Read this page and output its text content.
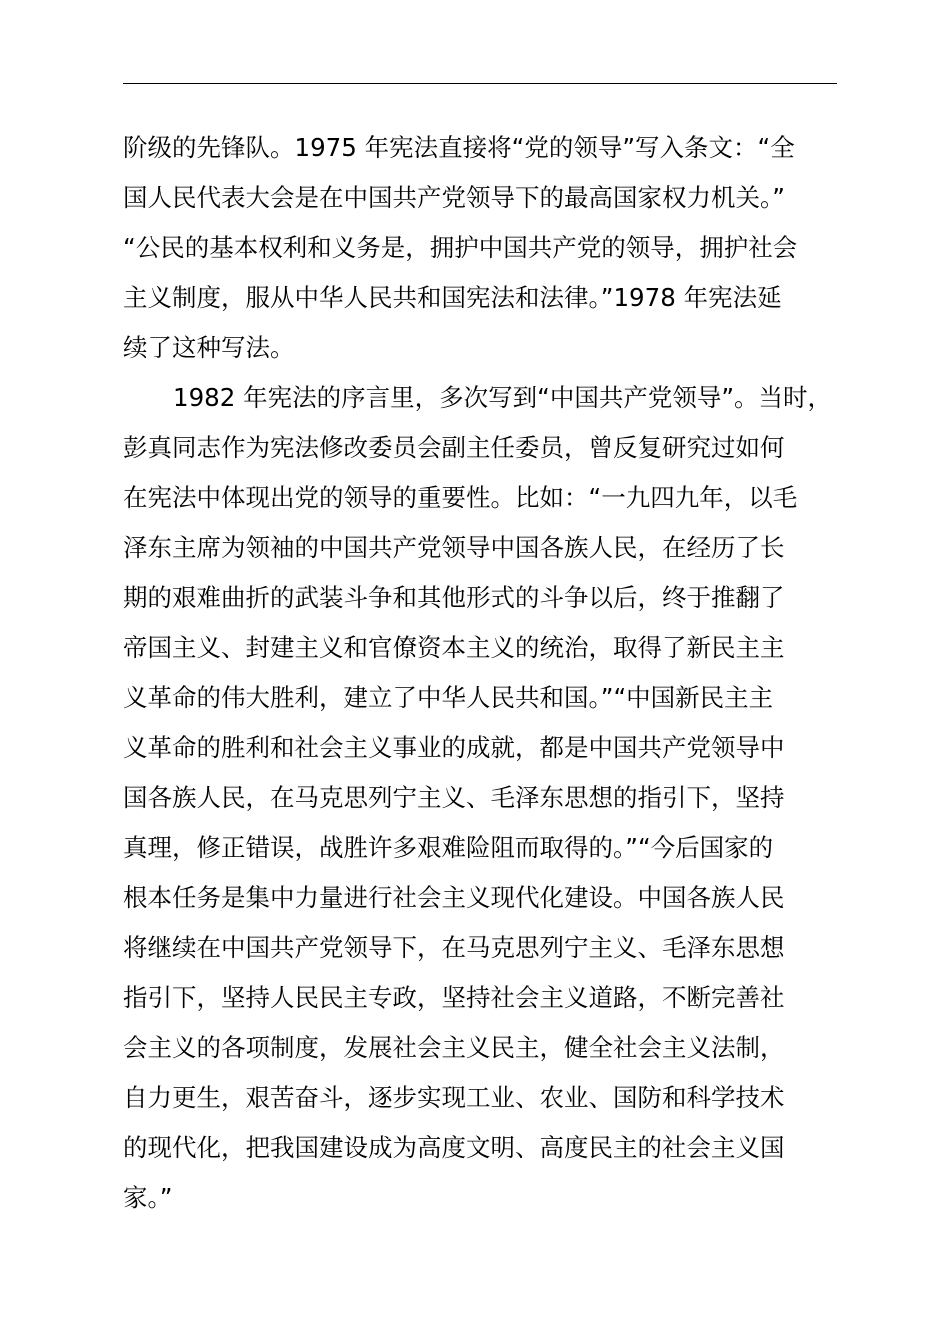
阶级的先锋队。1975 年宪法直接将“党的领导”写入条文：“全

国人民代表大会是在中国共产党领导下的最高国家权力机关。”

“公民的基本权利和义务是，拥护中国共产党的领导，拥护社会

主义制度，服从中华人民共和国宪法和法律。”1978 年宪法延

续了这种写法。

1982 年宪法的序言里，多次写到“中国共产党领导”。当时，

彭真同志作为宪法修改委员会副主任委员，曾反复研究过如何

在宪法中体现出党的领导的重要性。比如：“一九四九年，以毛

泽东主席为领袖的中国共产党领导中国各族人民，在经历了长

期的艰难曲折的武装斗争和其他形式的斗争以后，终于推翻了

帝国主义、封建主义和官僚资本主义的统治，取得了新民主主

义革命的伟大胜利，建立了中华人民共和国。”“中国新民主主

义革命的胜利和社会主义事业的成就，都是中国共产党领导中

国各族人民，在马克思列宁主义、毛泽东思想的指引下，坚持

真理，修正错误，战胜许多艰难险阻而取得的。”“今后国家的

根本任务是集中力量进行社会主义现代化建设。中国各族人民

将继续在中国共产党领导下，在马克思列宁主义、毛泽东思想

指引下，坚持人民民主专政，坚持社会主义道路，不断完善社

会主义的各项制度，发展社会主义民主，健全社会主义法制，

自力更生，艰苦奋斗，逐步实现工业、农业、国防和科学技术

的现代化，把我国建设成为高度文明、高度民主的社会主义国

家。”
